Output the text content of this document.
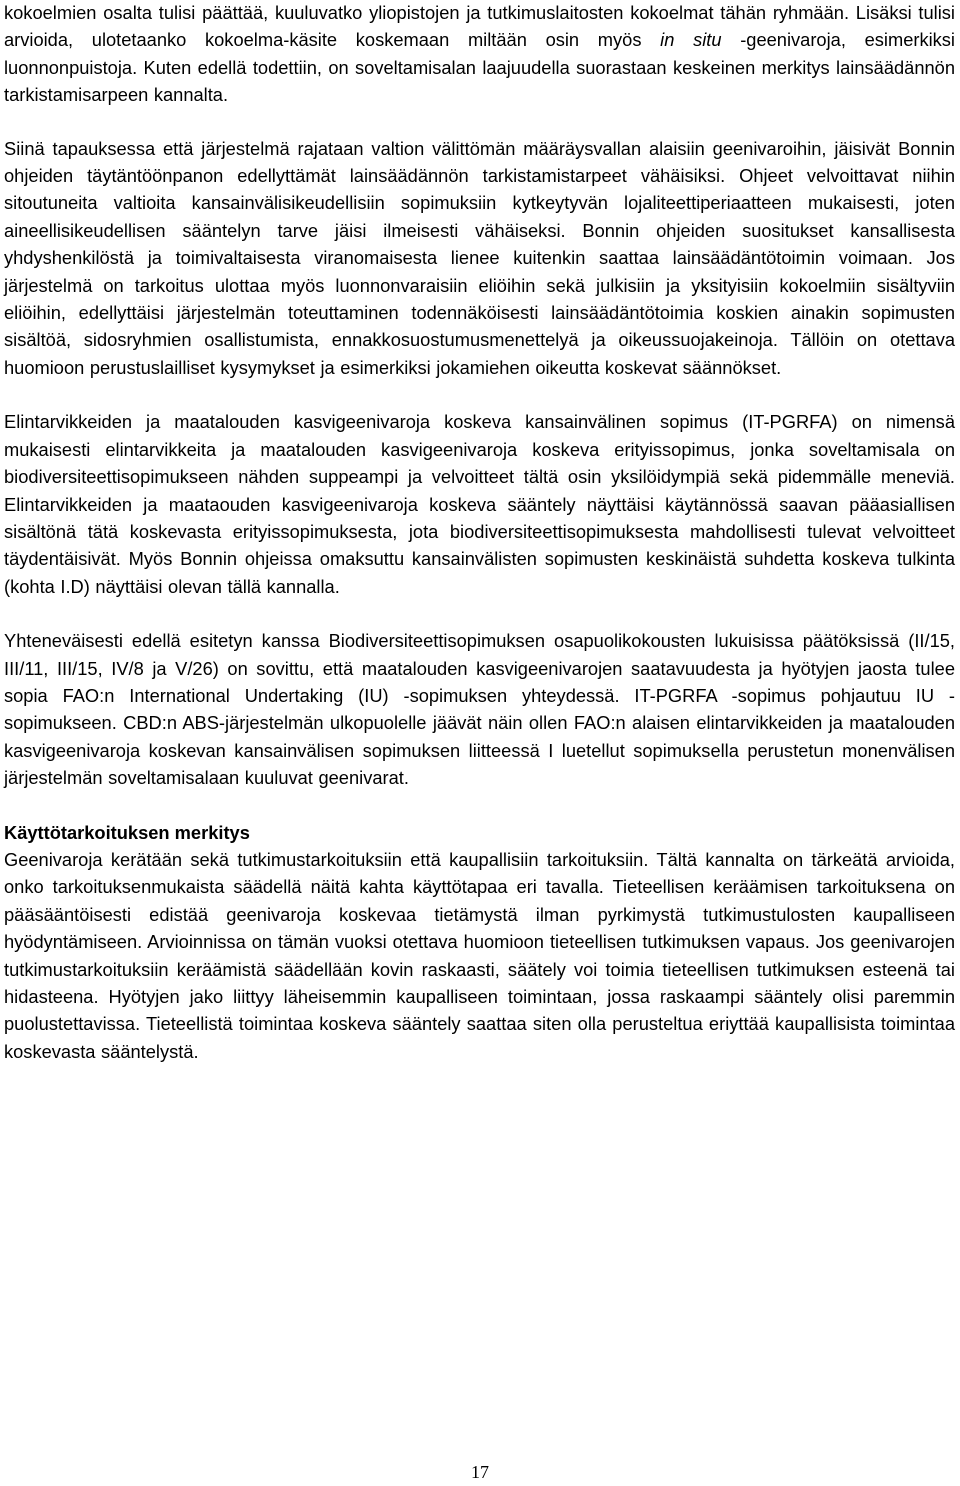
kokoelmien osalta tulisi päättää, kuuluvatko yliopistojen ja tutkimuslaitosten kokoelmat tähän ryhmään. Lisäksi tulisi arvioida, ulotetaanko kokoelma-käsite koskemaan miltään osin myös in situ -geenivaroja, esimerkiksi luonnonpuistoja. Kuten edellä todettiin, on soveltamisalan laajuudella suorastaan keskeinen merkitys lainsäädännön tarkistamisarpeen kannalta.

Siinä tapauksessa että järjestelmä rajataan valtion välittömän määräysvallan alaisiin geenivaroihin, jäisivät Bonnin ohjeiden täytäntöönpanon edellyttämät lainsäädännön tarkistamistarpeet vähäisiksi. Ohjeet velvoittavat niihin sitoutuneita valtioita kansainvälisikeudellisiin sopimuksiin kytkeytyvän lojaliteettiperiaatteen mukaisesti, joten aineellisikeudellisen sääntelyn tarve jäisi ilmeisesti vähäiseksi. Bonnin ohjeiden suositukset kansallisesta yhdyshenkilöstä ja toimivaltaisesta viranomaisesta lienee kuitenkin saattaa lainsäädäntötoimin voimaan. Jos järjestelmä on tarkoitus ulottaa myös luonnonvaraisiin eliöihin sekä julkisiin ja yksityisiin kokoelmiin sisältyviin eliöihin, edellyttäisi järjestelmän toteuttaminen todennäköisesti lainsäädäntötoimia koskien ainakin sopimusten sisältöä, sidosryhmien osallistumista, ennakkosuostumusmenettelyä ja oikeussuojakeinoja. Tällöin on otettava huomioon perustuslailliset kysymykset ja esimerkiksi jokamiehen oikeutta koskevat säännökset.

Elintarvikkeiden ja maatalouden kasvigeenivaroja koskeva kansainvälinen sopimus (IT-PGRFA) on nimensä mukaisesti elintarvikkeita ja maatalouden kasvigeenivaroja koskeva erityissopimus, jonka soveltamisala on biodiversiteettisopimukseen nähden suppeampi ja velvoitteet tältä osin yksilöidympiä sekä pidemmälle meneviä. Elintarvikkeiden ja maataouden kasvigeenivaroja koskeva sääntely näyttäisi käytännössä saavan pääasiallisen sisältönä tätä koskevasta erityissopimuksesta, jota biodiversiteettisopimuksesta mahdollisesti tulevat velvoitteet täydentäisivät. Myös Bonnin ohjeissa omaksuttu kansainvälisten sopimusten keskinäistä suhdetta koskeva tulkinta (kohta I.D) näyttäisi olevan tällä kannalla.

Yhteneväisesti edellä esitetyn kanssa Biodiversiteettisopimuksen osapuolikokousten lukuisissa päätöksissä (II/15, III/11, III/15, IV/8 ja V/26) on sovittu, että maatalouden kasvigeenivarojen saatavuudesta ja hyötyjen jaosta tulee sopia FAO:n International Undertaking (IU) -sopimuksen yhteydessä. IT-PGRFA -sopimus pohjautuu IU -sopimukseen. CBD:n ABS-järjestelmän ulkopuolelle jäävät näin ollen FAO:n alaisen elintarvikkeiden ja maatalouden kasvigeenivaroja koskevan kansainvälisen sopimuksen liitteessä I luetellut sopimuksella perustetun monenvälisen järjestelmän soveltamisalaan kuuluvat geenivarat.

Käyttötarkoituksen merkitys

Geenivaroja kerätään sekä tutkimustarkoituksiin että kaupallisiin tarkoituksiin. Tältä kannalta on tärkeätä arvioida, onko tarkoituksenmukaista säädellä näitä kahta käyttötapaa eri tavalla. Tieteellisen keräämisen tarkoituksena on pääsääntöisesti edistää geenivaroja koskevaa tietämystä ilman pyrkimystä tutkimustulosten kaupalliseen hyödyntämiseen. Arvioinnissa on tämän vuoksi otettava huomioon tieteellisen tutkimuksen vapaus. Jos geenivarojen tutkimustarkoituksiin keräämistä säädellään kovin raskaasti, säätely voi toimia tieteellisen tutkimuksen esteenä tai hidasteena. Hyötyjen jako liittyy läheisemmin kaupalliseen toimintaan, jossa raskaampi sääntely olisi paremmin puolustettavissa. Tieteellistä toimintaa koskeva sääntely saattaa siten olla perusteltua eriyttää kaupallisista toimintaa koskevasta sääntelystä.

17
